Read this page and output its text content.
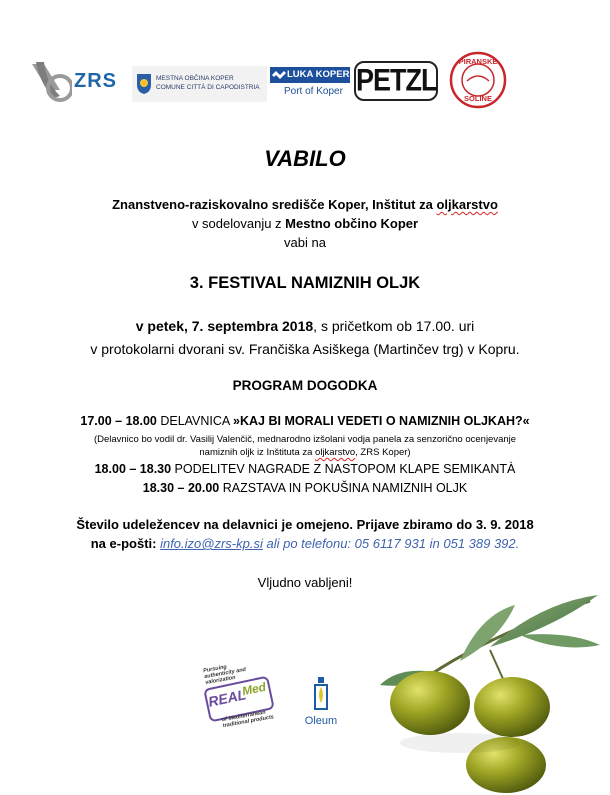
ZRS	MESTNA OBČINA KOPER
COMUNE CITTÀ DI CAPODISTRIA
LUKA KOPER
Port of Koper PETZL
PIRANSKE
SOLINE
VABILO
Znanstveno-raziskovalno središče Koper, Inštitut za oljkarstvo
v sodelovanju z Mestno občino Koper
vabi na
3. FESTIVAL NAMIZNIH OLJK
v petek, 7. septembra 2018, s pričetkom ob 17.00. uri
v protokolarni dvorani sv. Frančiška Asiškega (Martinčev trg) v Kopru.
PROGRAM DOGODKA
17.00 – 18.00 DELAVNICA »KAJ BI MORALI VEDETI O NAMIZNIH OLJKAH?«
(Delavnico bo vodil dr. Vasilij Valenčič, mednarodno izšolani vodja panela za senzorično ocenjevanje
namiznih oljk iz Inštituta za oljkarstvo, ZRS Koper)
18.00 – 18.30 PODELITEV NAGRADE Z NASTOPOM KLAPE SEMIKANTÀ
18.30 – 20.00 RAZSTAVA IN POKUŠINA NAMIZNIH OLJK
Število udeležencev na delavnici je omejeno. Prijave zbiramo do 3. 9. 2018
na e-pošti: info.izo@zrs-kp.si ali po telefonu: 05 6117 931 in 051 389 392.
Vljudno vabljeni!
Pursuing authenticity and valorization
REAL
Med
of Mediterranean traditional products	Oleum
